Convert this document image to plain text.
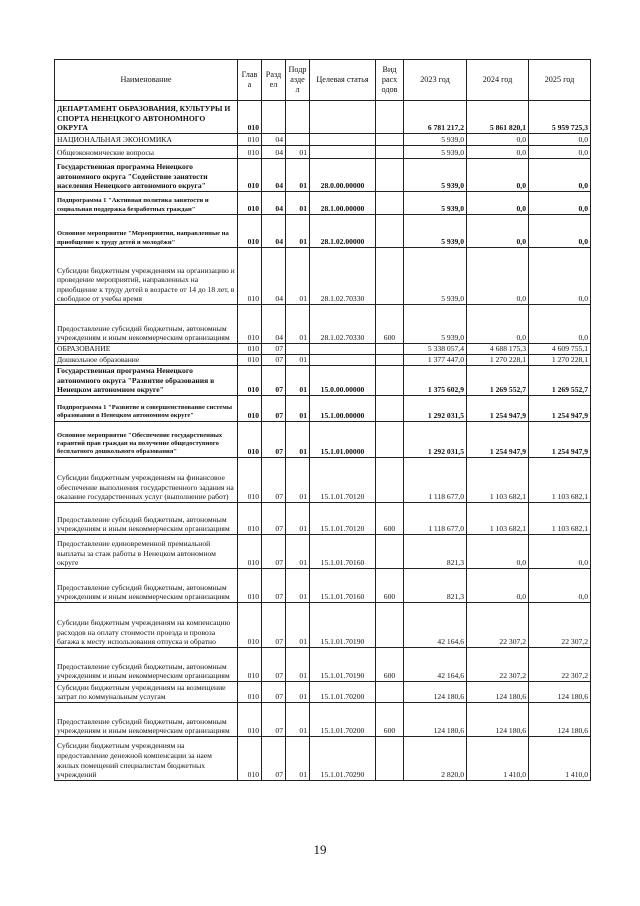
Наименование	Глав а	Разд ел	Подр азде л	Целевая статья	Вид расх одов	2023 год	2024 год	2025 год
ДЕПАРТАМЕНТ ОБРАЗОВАНИЯ, КУЛЬТУРЫ И СПОРТА НЕНЕЦКОГО АВТОНОМНОГО ОКРУГА	010					6 781 217,2	5 861 820,1	5 959 725,3
НАЦИОНАЛЬНАЯ ЭКОНОМИКА	010	04				5 939,0	0,0	0,0
Общеэкономические вопросы	010	04	01			5 939,0	0,0	0,0
Государственная программа Ненецкого автономного округа "Содействие занятости населения Ненецкого автономного округа"	010	04	01	28.0.00.00000		5 939,0	0,0	0,0
Подпрограмма 1 "Активная политика занятости и социальная поддержка безработных граждан"	010	04	01	28.1.00.00000		5 939,0	0,0	0,0
Основное мероприятие "Мероприятия, направленные на приобщение к труду детей и молодёжи"	010	04	01	28.1.02.00000		5 939,0	0,0	0,0
Субсидии бюджетным учреждениям на организацию и проведение мероприятий, направленных на приобщение к труду детей в возрасте от 14 до 18 лет, в свободное от учебы время	010	04	01	28.1.02.70330		5 939,0	0,0	0,0
Предоставление субсидий бюджетным, автономным учреждениям и иным некоммерческим организациям	010	04	01	28.1.02.70330	600	5 939,0	0,0	0,0
ОБРАЗОВАНИЕ	010	07				5 338 057,4	4 688 175,3	4 609 755,1
Дошкольное образование	010	07	01			1 377 447,0	1 270 228,1	1 270 228,1
Государственная программа Ненецкого автономного округа "Развитие образования в Ненецком автономном округе"	010	07	01	15.0.00.00000		1 375 602,9	1 269 552,7	1 269 552,7
Подпрограмма 1 "Развитие и совершенствование системы образования в Ненецком автономном округе"	010	07	01	15.1.00.00000		1 292 031,5	1 254 947,9	1 254 947,9
Основное мероприятие "Обеспечение государственных гарантий прав граждан на получение общедоступного бесплатного дошкольного образования"	010	07	01	15.1.01.00000		1 292 031,5	1 254 947,9	1 254 947,9
Субсидии бюджетным учреждениям на финансовое обеспечение выполнения государственного задания на оказание государственных услуг (выполнение работ)	010	07	01	15.1.01.70120		1 118 677,0	1 103 682,1	1 103 682,1
Предоставление субсидий бюджетным, автономным учреждениям и иным некоммерческим организациям	010	07	01	15.1.01.70120	600	1 118 677,0	1 103 682,1	1 103 682,1
Предоставление единовременной премиальной выплаты за стаж работы в Ненецком автономном округе	010	07	01	15.1.01.70160		821,3	0,0	0,0
Предоставление субсидий бюджетным, автономным учреждениям и иным некоммерческим организациям	010	07	01	15.1.01.70160	600	821,3	0,0	0,0
Субсидии бюджетным учреждениям на компенсацию расходов на оплату стоимости проезда и провоза багажа к месту использования отпуска и обратно	010	07	01	15.1.01.70190		42 164,6	22 307,2	22 307,2
Предоставление субсидий бюджетным, автономным учреждениям и иным некоммерческим организациям	010	07	01	15.1.01.70190	600	42 164,6	22 307,2	22 307,2
Субсидии бюджетным учреждениям на возмещение затрат по коммунальным услугам	010	07	01	15.1.01.70200		124 180,6	124 180,6	124 180,6
Предоставление субсидий бюджетным, автономным учреждениям и иным некоммерческим организациям	010	07	01	15.1.01.70200	600	124 180,6	124 180,6	124 180,6
Субсидии бюджетным учреждениям на предоставление денежной компенсации за наем жилых помещений специалистам бюджетных учреждений	010	07	01	15.1.01.70290		2 820,0	1 410,0	1 410,0
19
